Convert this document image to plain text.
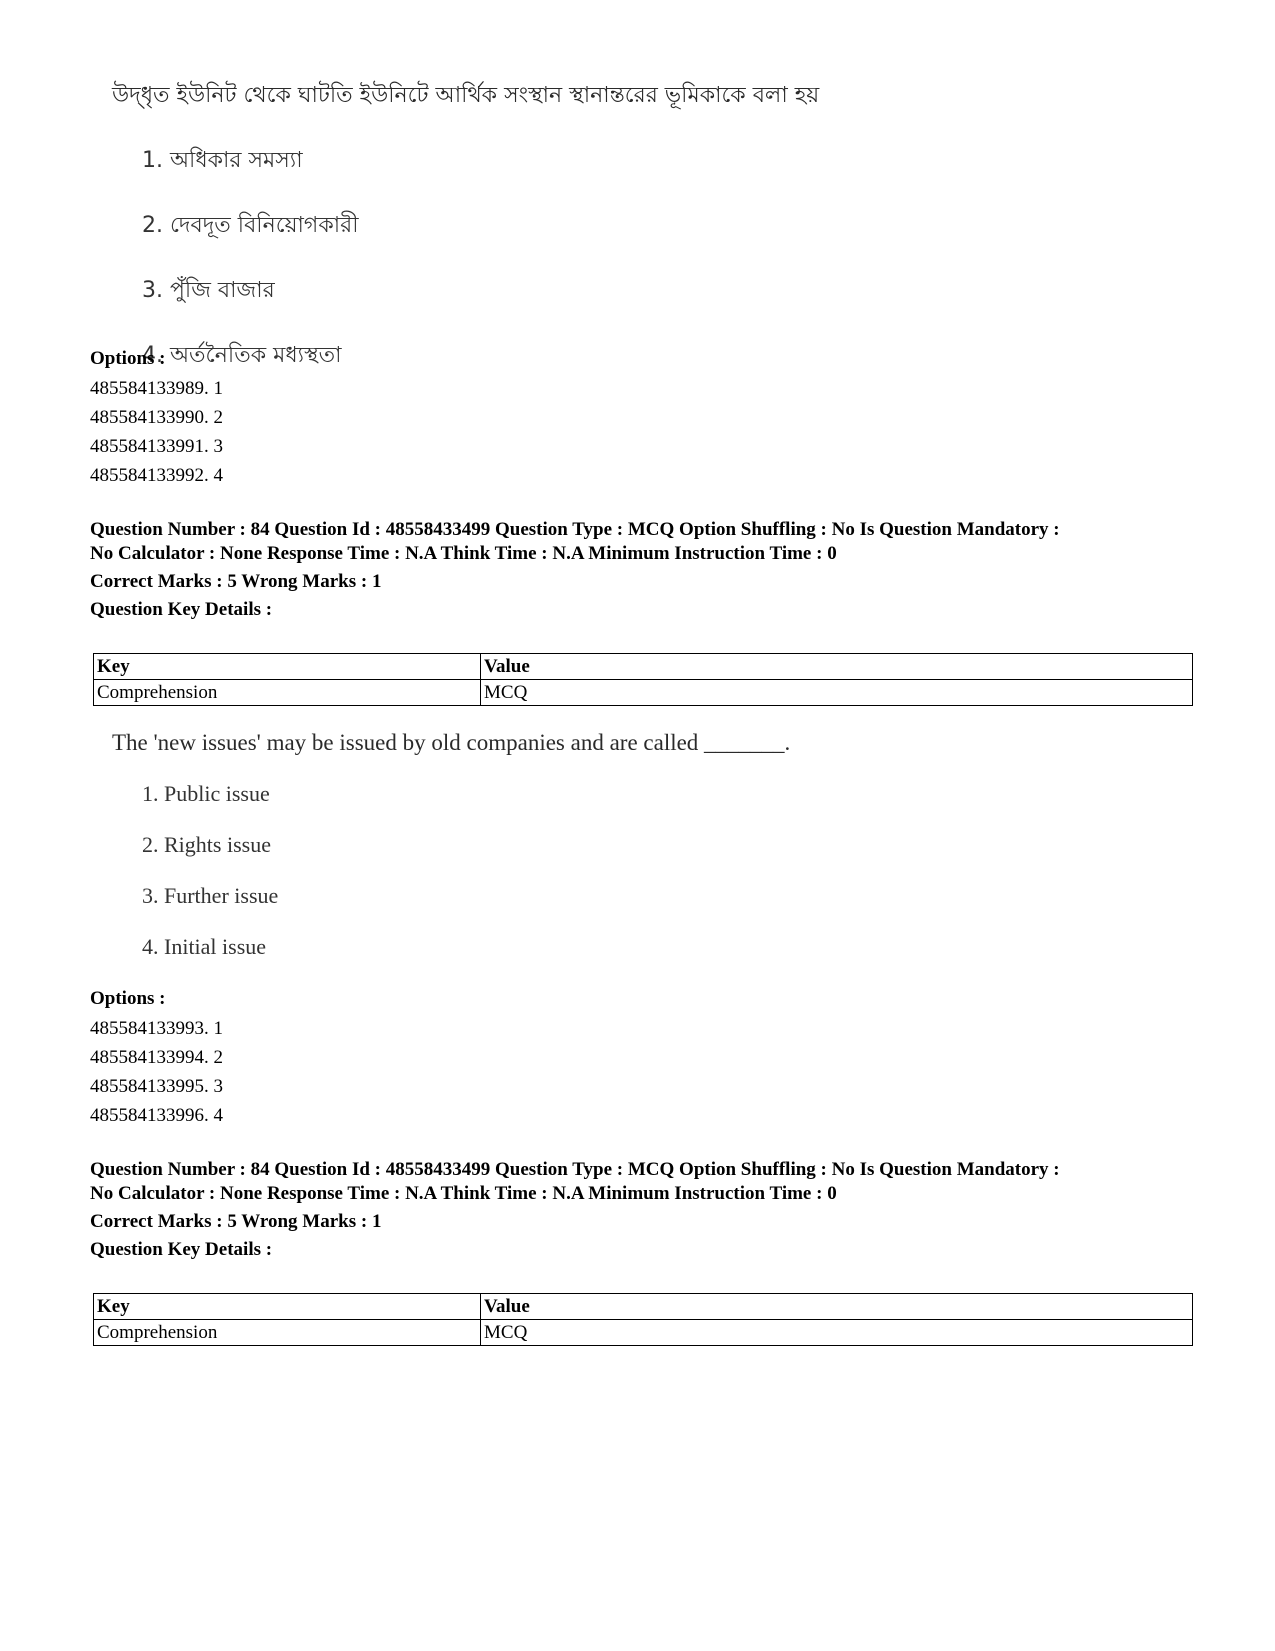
উদ্‌ধৃত ইউনিট থেকে ঘাটতি ইউনিটে আর্থিক সংস্থান স্থানান্তরের ভূমিকাকে বলা হয়

1. অধিকার সমস্যা
2. দেবদূত বিনিয়োগকারী
3. পুঁজি বাজার
4. অর্তনৈতিক মধ্যস্থতা

Options :

485584133989. 1

485584133990. 2

485584133991. 3

485584133992. 4

Question Number : 84 Question Id : 48558433499 Question Type : MCQ Option Shuffling : No Is Question Mandatory :

No Calculator : None Response Time : N.A Think Time : N.A Minimum Instruction Time : 0

Correct Marks : 5 Wrong Marks : 1

Question Key Details :

Key	Value
Comprehension	MCQ

The 'new issues' may be issued by old companies and are called _______.

1. Public issue
2. Rights issue
3. Further issue
4. Initial issue

Options :

485584133993. 1

485584133994. 2

485584133995. 3

485584133996. 4

Question Number : 84 Question Id : 48558433499 Question Type : MCQ Option Shuffling : No Is Question Mandatory :

No Calculator : None Response Time : N.A Think Time : N.A Minimum Instruction Time : 0

Correct Marks : 5 Wrong Marks : 1

Question Key Details :

Key	Value
Comprehension	MCQ
